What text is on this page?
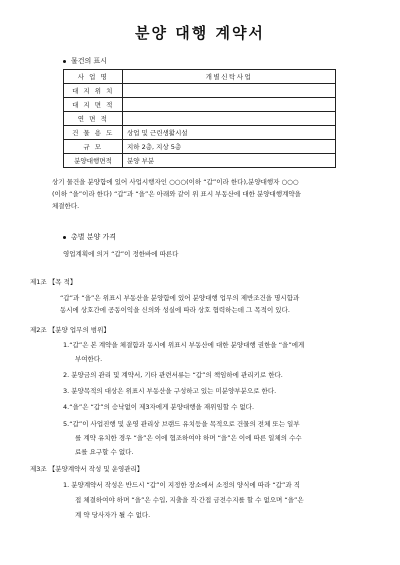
분양 대행 계약서
물건의 표시
사 업 명	개별신탁사업
대 지 위 치	
대 지 면 적	
연 면 적	
건 물 용 도	상업 및 근린생활시설
규 모	지하 2층, 지상 5층
분양대행면적	분양 부분
상기 물건을 분양함에 있어 사업시행자인 ○○○(이하 “갑”이라 한다),분양대행자 ○○○
(이하 “을”이라 한다) “갑”과 “을”은 아래와 같이 위 표시 부동산에 대한 분양대행계약을
체결한다.
총별 분양 가격
영업계획에 의거 “갑”이 정한바에 따른다
제1조 【목 적】
“갑”과 “을”은 위표시 부동산을 분양함에 있어 분양대행 업무의 제반조건을 명시함과
동시에 상호간에 공동이익을 신의와 성실에 따라 상호 협력하는데 그 목적이 있다.
제2조 【분양 업무의 범위】
1.“갑”은 본 계약을 체결함과 동시에 위표시 부동산에 대한 분양대행 권한을 “을”에게
부여한다.
2. 분양금의 관리 및 계약서, 기타 관련서류는 “갑”의 책임하에 관리키로 한다.
3. 분양목적의 대상은 위표시 부동산을 구성하고 있는 미분양부분으로 한다.
4.“을”은 “갑”의 승낙없이 제3자에게 분양대행을 재위임할 수 없다.
5.“갑”이 사업진행 및 운영 관리상 브랜드 유치등을 목적으로 건물의 전체 또는 일부
를 계약 유치한 경우 “을”은 이에 협조하여야 하며 “을”은 이에 따른 일체의 수수
료를 요구할 수 없다.
제3조 【분양계약서 작성 및 운영관리】
1. 분양계약서 작성은 반드시 “갑”이 지정한 장소에서 소정의 양식에 따라 “갑”과 직
접 체결하여야 하며 “을”은 수입, 지출을 직·간접 금전수지를 할 수 없으며 “을”은
계 약 당사자가 될 수 없다.
